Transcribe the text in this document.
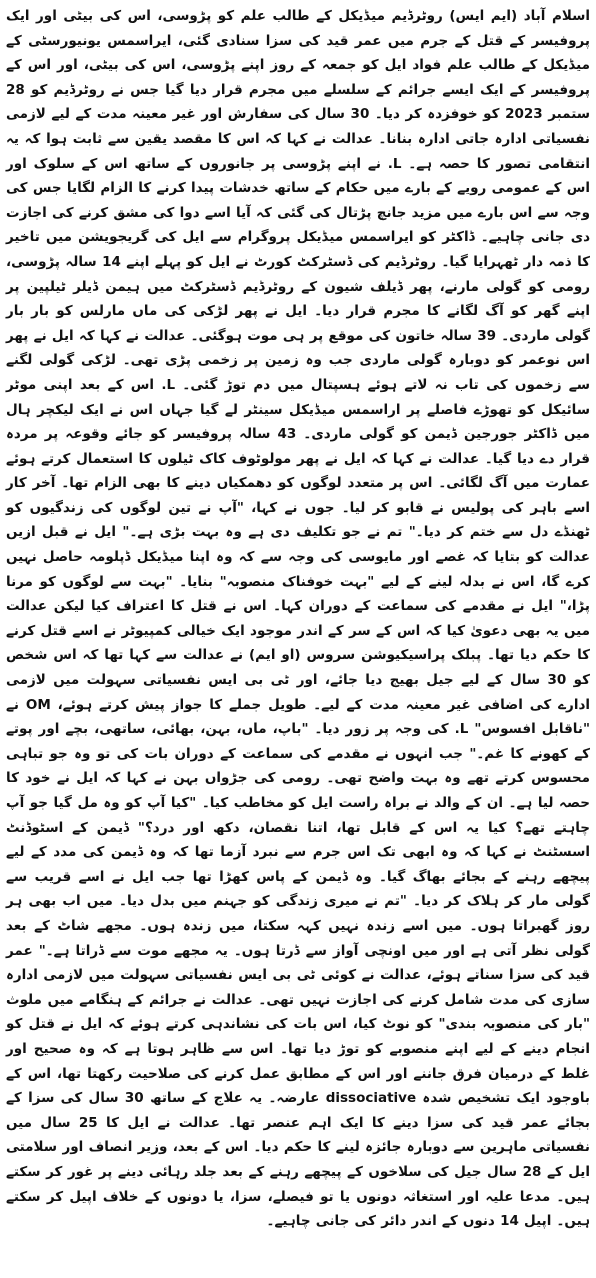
اسلام آباد (ایم ایس) روٹرڈیم میڈیکل کے طالب علم کو پڑوسی، اس کی بیٹی اور ایک پروفیسر کے قتل کے جرم میں عمر قید کی سزا سنادی گئی، ایراسمس یونیورسٹی کے میڈیکل کے طالب علم فواد ایل کو جمعہ کے روز اپنے پڑوسی، اس کی بیٹی، اور اس کے پروفیسر کے ایک ایسے جرائم کے سلسلے میں مجرم قرار دیا گیا جس نے روٹرڈیم کو 28 ستمبر 2023 کو خوفزدہ کر دیا۔ 30 سال کی سفارش اور غیر معینہ مدت کے لیے لازمی نفسیاتی ادارہ جاتی ادارہ بنانا۔ عدالت نے کہا کہ اس کا مقصد یقین سے ثابت ہوا کہ یہ انتقامی تصور کا حصہ ہے۔ L. نے اپنے پڑوسی پر جانوروں کے ساتھ اس کے سلوک اور اس کے عمومی رویے کے بارے میں حکام کے ساتھ خدشات پیدا کرنے کا الزام لگایا جس کی وجہ سے اس بارے میں مزید جانچ پڑتال کی گئی کہ آیا اسے دوا کی مشق کرنے کی اجازت دی جانی چاہیے۔ ڈاکٹر کو ایراسمس میڈیکل پروگرام سے ایل کی گریجویشن میں تاخیر کا ذمہ دار ٹھہرایا گیا۔ روٹرڈیم کی ڈسٹرکٹ کورٹ نے ایل کو پہلے اپنے 14 سالہ پڑوسی، رومی کو گولی مارنے، پھر ڈیلف شیون کے روٹرڈیم ڈسٹرکٹ میں ہیمن ڈیلر ٹیلپین پر اپنے گھر کو آگ لگانے کا مجرم قرار دیا۔ ایل نے پھر لڑکی کی ماں مارلس کو بار بار گولی ماردی۔ 39 سالہ خاتون کی موقع پر ہی موت ہوگئی۔ عدالت نے کہا کہ ایل نے پھر اس نوعمر کو دوبارہ گولی ماردی جب وہ زمین پر زخمی پڑی تھی۔ لڑکی گولی لگنے سے زخموں کی تاب نہ لاتے ہوئے ہسپتال میں دم توڑ گئی۔ L. اس کے بعد اپنی موٹر سائیکل کو تھوڑے فاصلے پر اراسمس میڈیکل سینٹر لے گیا جہاں اس نے ایک لیکچر ہال میں ڈاکٹر جورجین ڈیمن کو گولی ماردی۔ 43 سالہ پروفیسر کو جائے وقوعہ پر مردہ قرار دے دیا گیا۔ عدالت نے کہا کہ ایل نے پھر مولوٹوف کاک ٹیلوں کا استعمال کرتے ہوئے عمارت میں آگ لگائی۔ اس پر متعدد لوگوں کو دھمکیاں دینے کا بھی الزام تھا۔ آخر کار اسے باہر کی پولیس نے قابو کر لیا۔ جوں نے کہا، "آپ نے تین لوگوں کی زندگیوں کو ٹھنڈے دل سے ختم کر دیا۔" تم نے جو تکلیف دی ہے وہ بہت بڑی ہے۔" ایل نے قبل ازیں عدالت کو بتایا کہ غصے اور مایوسی کی وجہ سے کہ وہ اپنا میڈیکل ڈپلومہ حاصل نہیں کرے گا، اس نے بدلہ لینے کے لیے "بہت خوفناک منصوبہ" بنایا۔ "بہت سے لوگوں کو مرنا پڑا،" ایل نے مقدمے کی سماعت کے دوران کہا۔ اس نے قتل کا اعتراف کیا لیکن عدالت میں یہ بھی دعویٰ کیا کہ اس کے سر کے اندر موجود ایک خیالی کمپیوٹر نے اسے قتل کرنے کا حکم دیا تھا۔ پبلک پراسیکیوشن سروس (او ایم) نے عدالت سے کہا تھا کہ اس شخص کو 30 سال کے لیے جیل بھیج دیا جائے، اور ٹی بی ایس نفسیاتی سہولت میں لازمی ادارے کی اضافی غیر معینہ مدت کے لیے۔ طویل جملے کا جواز پیش کرتے ہوئے، OM نے "ناقابل افسوس" L. کی وجہ پر زور دیا۔ "باپ، ماں، بہن، بھائی، ساتھی، بچے اور پوتے کے کھونے کا غم۔" جب انہوں نے مقدمے کی سماعت کے دوران بات کی تو وہ جو تباہی محسوس کرتے تھے وہ بہت واضح تھی۔ رومی کی جڑواں بہن نے کہا کہ ایل نے خود کا حصہ لیا ہے۔ ان کے والد نے براہ راست ایل کو مخاطب کیا۔ "کیا آپ کو وہ مل گیا جو آپ چاہتے تھے؟ کیا یہ اس کے قابل تھا، اتنا نقصان، دکھ اور درد؟" ڈیمن کے اسٹوڈنٹ اسسٹنٹ نے کہا کہ وہ ابھی تک اس جرم سے نبرد آزما تھا کہ وہ ڈیمن کی مدد کے لیے پیچھے رہنے کے بجائے بھاگ گیا۔ وہ ڈیمن کے پاس کھڑا تھا جب ایل نے اسے قریب سے گولی مار کر ہلاک کر دیا۔ "تم نے میری زندگی کو جہنم میں بدل دیا۔ میں اب بھی ہر روز گھبراتا ہوں۔ میں اسے زندہ نہیں کہہ سکتا، میں زندہ ہوں۔ مجھے شاٹ کے بعد گولی نظر آتی ہے اور میں اونچی آواز سے ڈرتا ہوں۔ یہ مجھے موت سے ڈراتا ہے۔" عمر قید کی سزا سناتے ہوئے، عدالت نے کوئی ٹی بی ایس نفسیاتی سہولت میں لازمی ادارہ سازی کی مدت شامل کرنے کی اجازت نہیں تھی۔ عدالت نے جرائم کے ہنگامے میں ملوث "بار کی منصوبہ بندی" کو نوٹ کیا، اس بات کی نشاندہی کرتے ہوئے کہ ایل نے قتل کو انجام دینے کے لیے اپنے منصوبے کو توڑ دیا تھا۔ اس سے ظاہر ہوتا ہے کہ وہ صحیح اور غلط کے درمیان فرق جاننے اور اس کے مطابق عمل کرنے کی صلاحیت رکھتا تھا، اس کے باوجود ایک تشخیص شدہ dissociative عارضہ۔ یہ علاج کے ساتھ 30 سال کی سزا کے بجائے عمر قید کی سزا دینے کا ایک اہم عنصر تھا۔ عدالت نے ایل کا 25 سال میں نفسیاتی ماہرین سے دوبارہ جائزہ لینے کا حکم دیا۔ اس کے بعد، وزیر انصاف اور سلامتی ایل کے 28 سال جیل کی سلاخوں کے پیچھے رہنے کے بعد جلد رہائی دینے پر غور کر سکتے ہیں۔ مدعا علیہ اور استغاثہ دونوں یا تو فیصلے، سزا، یا دونوں کے خلاف اپیل کر سکتے ہیں۔ اپیل 14 دنوں کے اندر دائر کی جانی چاہیے۔
